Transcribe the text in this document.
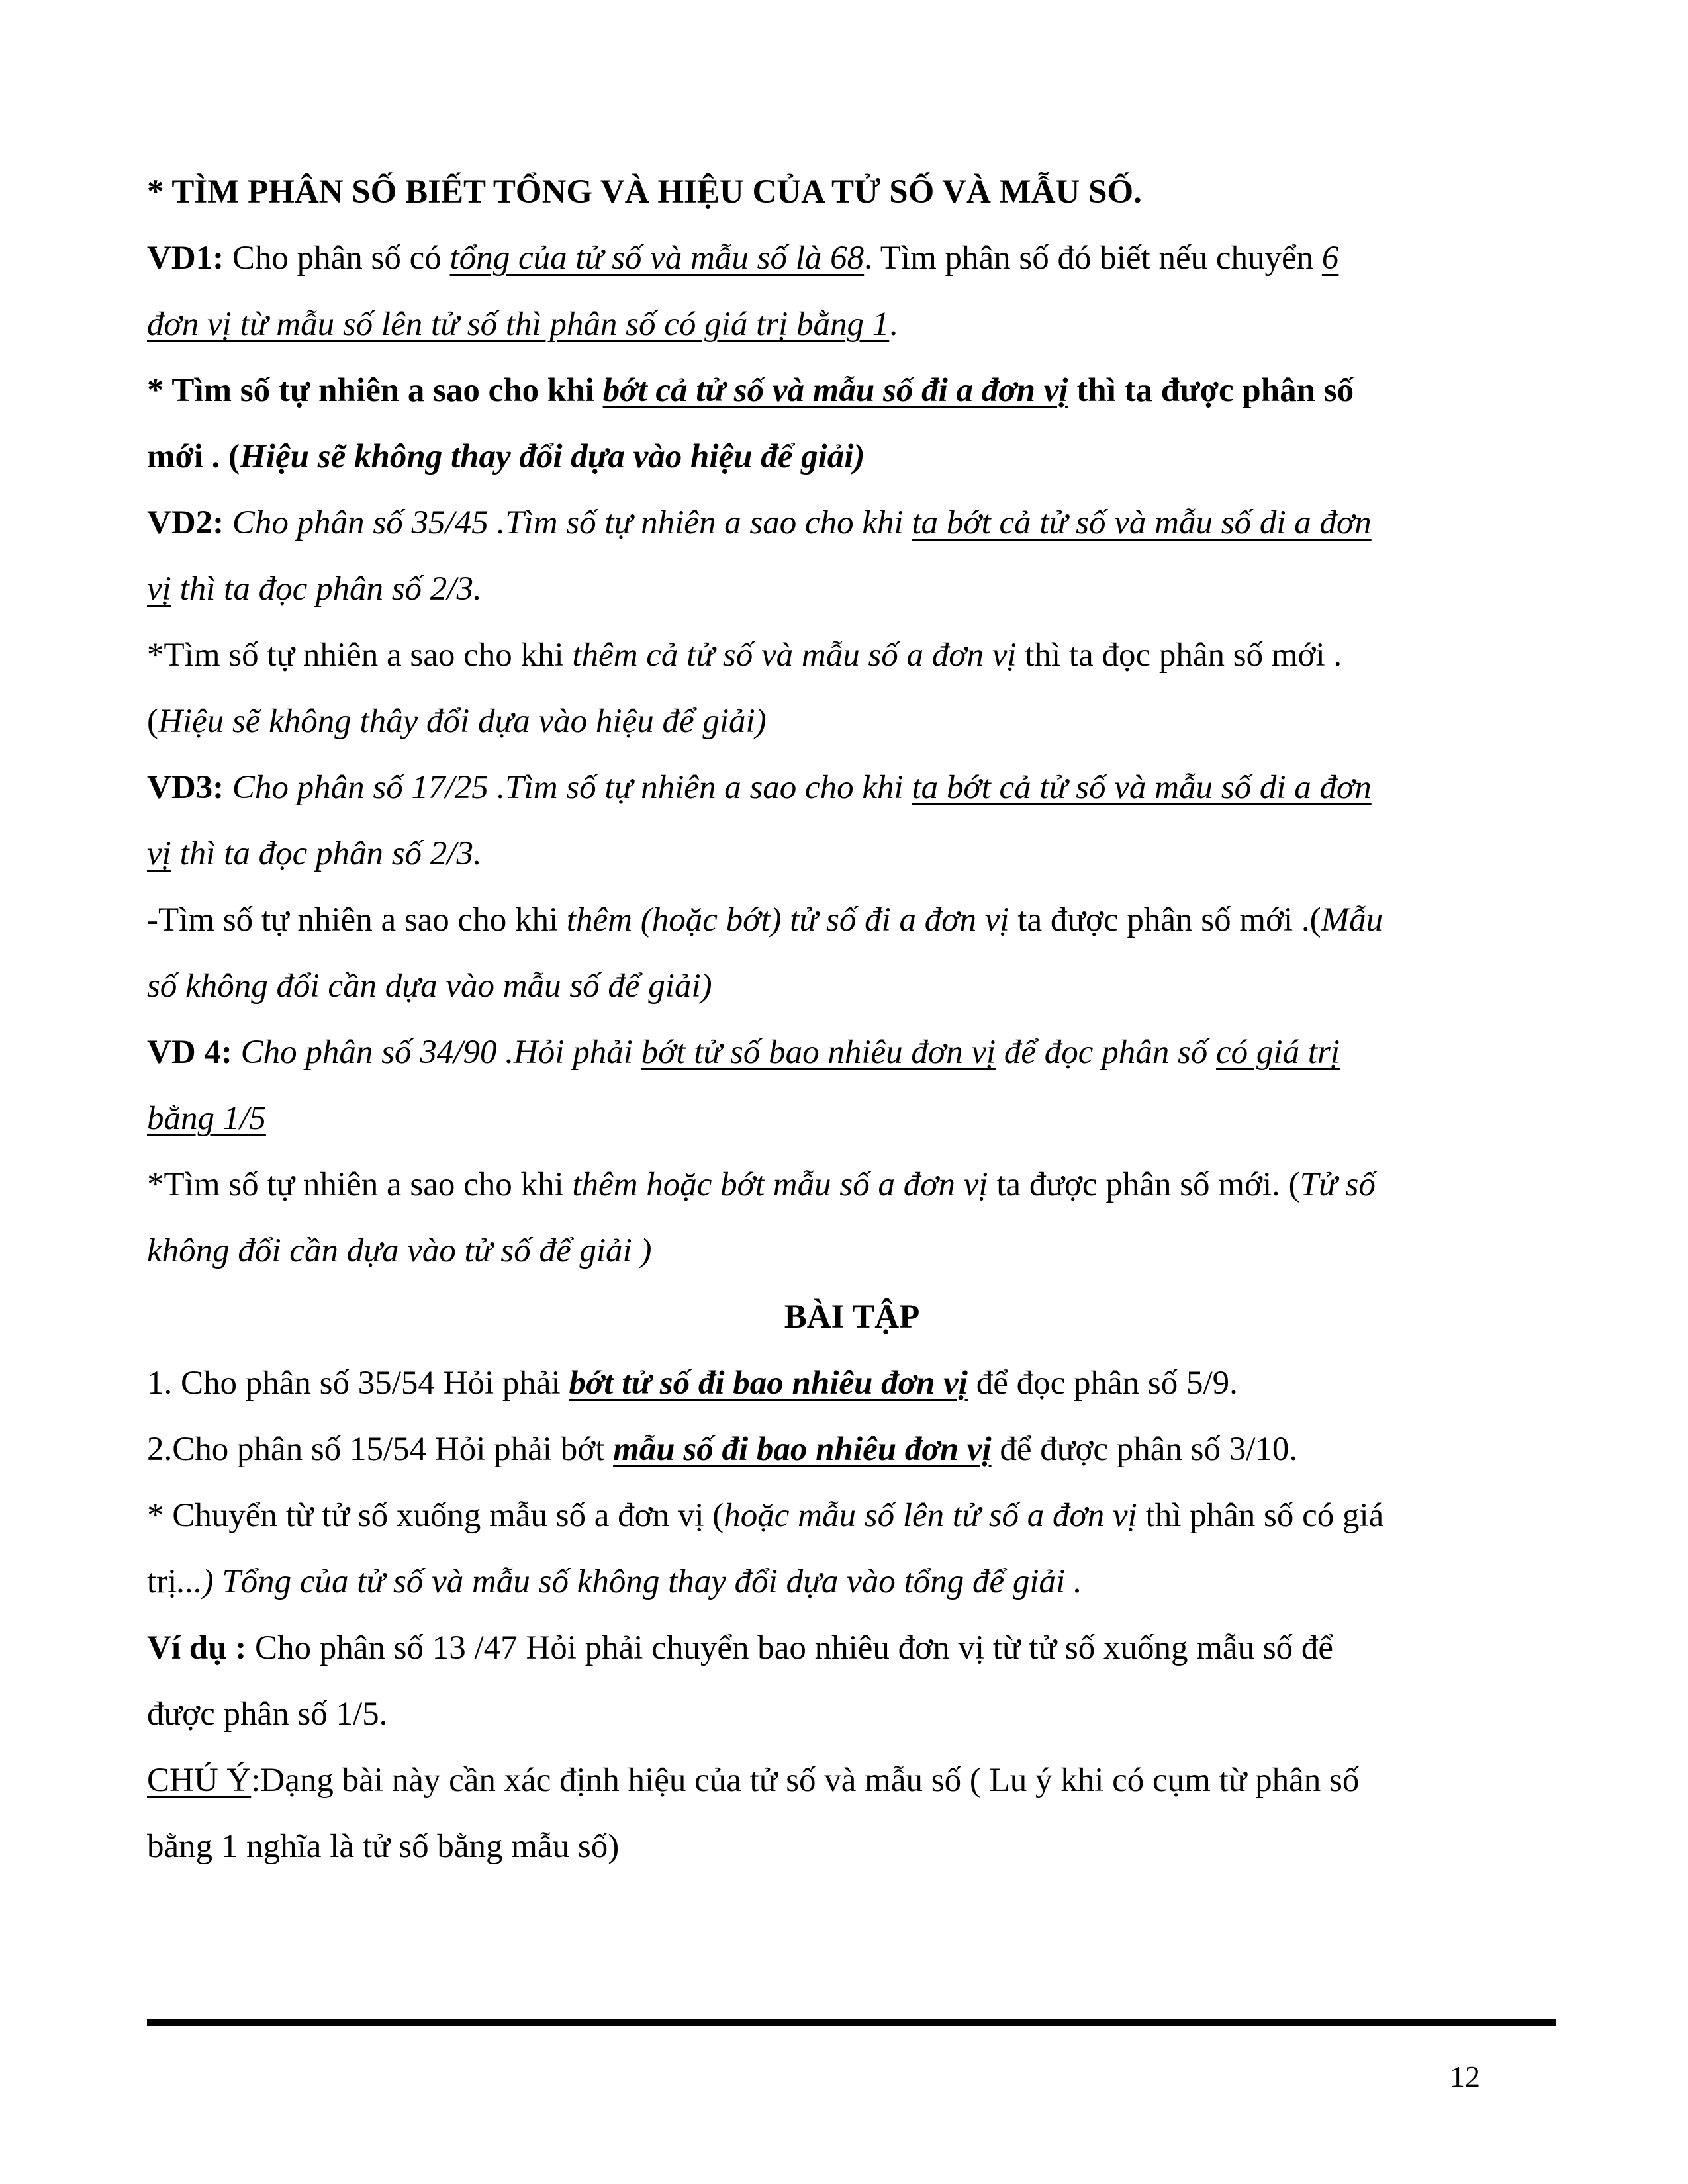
* TÌM PHÂN SỐ BIẾT TỔNG VÀ HIỆU CỦA TỬ SỐ VÀ MẪU SỐ.

VD1: Cho phân số có tổng của tử số và mẫu số là 68. Tìm phân số đó biết nếu chuyển 6

đơn vị từ mẫu số lên tử số thì phân số có giá trị bằng 1.

* Tìm số tự nhiên a sao cho khi bớt cả tử số và mẫu số đi a đơn vị thì ta được phân số

mới . (Hiệu sẽ không thay đổi dựa vào hiệu để giải)

VD2: Cho phân số 35/45 .Tìm số tự nhiên a sao cho khi ta bớt cả tử số và mẫu số di a đơn

vị thì ta đọc phân số 2/3.

*Tìm số tự nhiên a sao cho khi thêm cả tử số và mẫu số a đơn vị thì ta đọc phân số mới .

(Hiệu sẽ không thây đổi dựa vào hiệu để giải)

VD3: Cho phân số 17/25 .Tìm số tự nhiên a sao cho khi ta bớt cả tử số và mẫu số di a đơn

vị thì ta đọc phân số 2/3.

-Tìm số tự nhiên a sao cho khi thêm (hoặc bớt) tử số đi a đơn vị ta được phân số mới .(Mẫu

số không đổi cần dựa vào mẫu số để giải)

VD 4: Cho phân số 34/90 .Hỏi phải bớt tử số bao nhiêu đơn vị để đọc phân số có giá trị

bằng 1/5

*Tìm số tự nhiên a sao cho khi thêm hoặc bớt mẫu số a đơn vị ta được phân số mới. (Tử số

không đổi cần dựa vào tử số để giải )

BÀI TẬP

1. Cho phân số 35/54 Hỏi phải bớt tử số đi bao nhiêu đơn vị để đọc phân số 5/9.

2.Cho phân số 15/54 Hỏi phải bớt mẫu số đi bao nhiêu đơn vị để được phân số 3/10.

* Chuyển từ tử số xuống mẫu số a đơn vị (hoặc mẫu số lên tử số a đơn vị thì phân số có giá

trị...) Tổng của tử số và mẫu số không thay đổi dựa vào tổng để giải .

Ví dụ : Cho phân số 13 /47 Hỏi phải chuyển bao nhiêu đơn vị từ tử số xuống mẫu số để

được phân số 1/5.

CHÚ Ý:Dạng bài này cần xác định hiệu của tử số và mẫu số ( Lu ý khi có cụm từ phân số

bằng 1 nghĩa là tử số bằng mẫu số)

12
